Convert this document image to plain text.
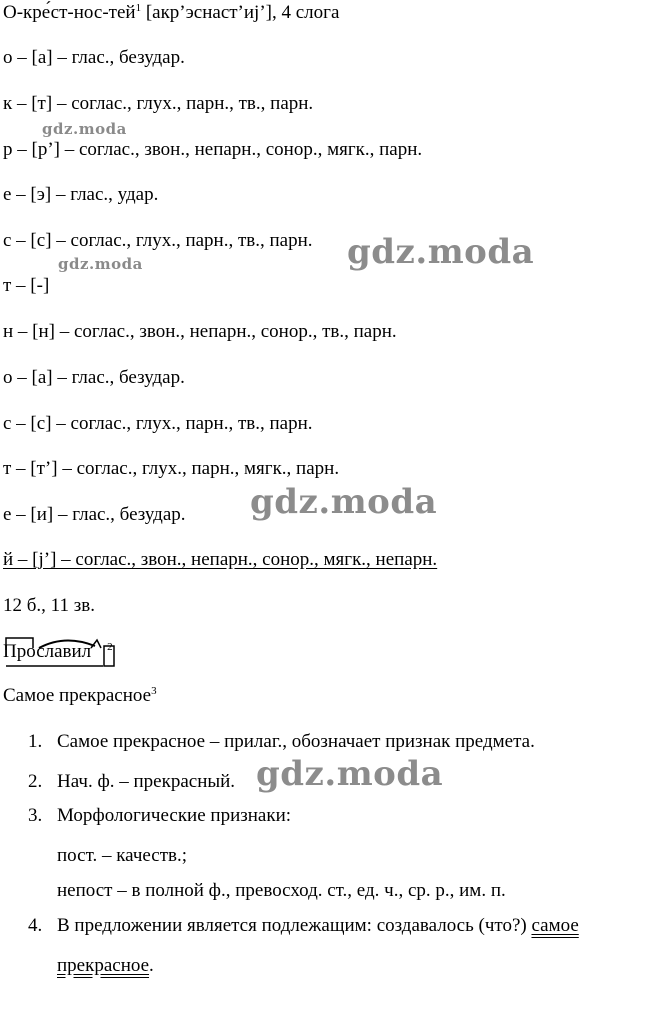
О-кре́ст-нос-тей$^1$ [акр’эснаст’иj’], 4 слога
о – [а] – глас., безудар.
к – [т] – соглас., глух., парн., тв., парн.
р – [р’] – соглас., звон., непарн., сонор., мягк., парн.
е – [э] – глас., удар.
с – [с] – соглас., глух., парн., тв., парн.
т – [-]
н – [н] – соглас., звон., непарн., сонор., тв., парн.
о – [а] – глас., безудар.
с – [с] – соглас., глух., парн., тв., парн.
т – [т’] – соглас., глух., парн., мягк., парн.
е – [и] – глас., безудар.
й – [j’] – соглас., звон., непарн., сонор., мягк., непарн.
12 б., 11 зв.
Прославил $^2$
Самое прекрасное$^3$
1. Самое прекрасное – прилаг., обозначает признак предмета.
2. Нач. ф. – прекрасный.
3. Морфологические признаки:
пост. – качеств.;
непост – в полной ф., превосход. ст., ед. ч., ср. р., им. п.
4. В предложении является подлежащим: создавалось (что?) самое
прекрасное.
gdz.moda
gdz.moda	gdz.moda
gdz.moda
gdz.moda
